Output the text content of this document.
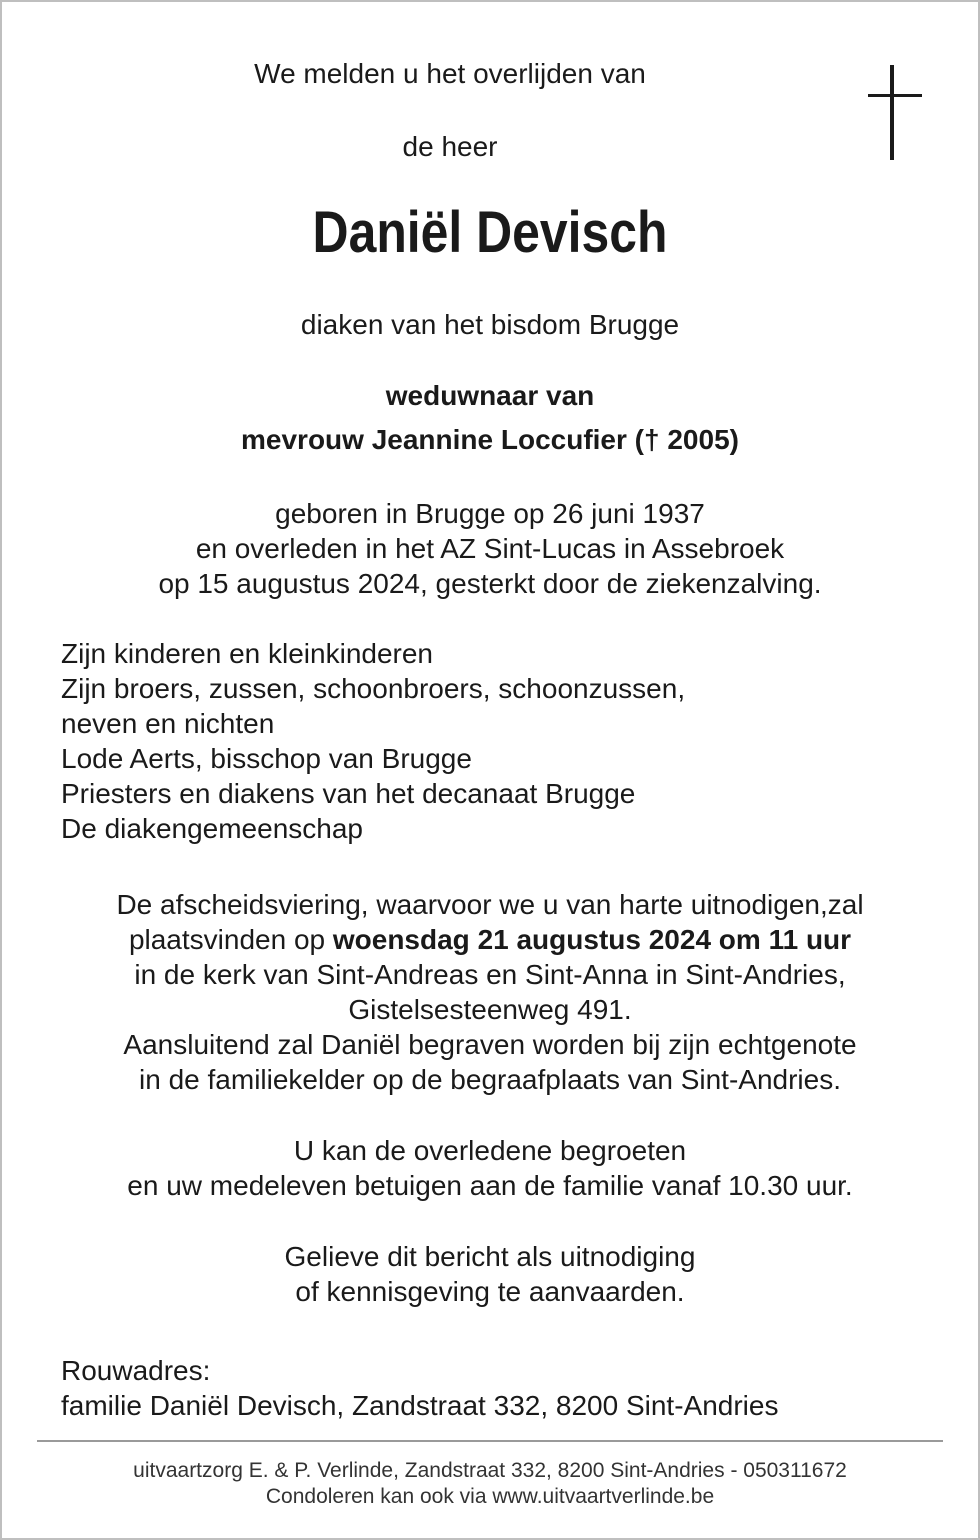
We melden u het overlijden van
de heer
Daniël Devisch
diaken van het bisdom Brugge
weduwnaar van
mevrouw Jeannine Loccufier († 2005)
geboren in Brugge op 26 juni 1937
en overleden in het AZ Sint-Lucas in Assebroek
op 15 augustus 2024, gesterkt door de ziekenzalving.
Zijn kinderen en kleinkinderen
Zijn broers, zussen, schoonbroers, schoonzussen,
neven en nichten
Lode Aerts, bisschop van Brugge
Priesters en diakens van het decanaat Brugge
De diakengemeenschap
De afscheidsviering, waarvoor we u van harte uitnodigen,zal
plaatsvinden op woensdag 21 augustus 2024 om 11 uur
in de kerk van Sint-Andreas en Sint-Anna in Sint-Andries,
Gistelsesteenweg 491.
Aansluitend zal Daniël begraven worden bij zijn echtgenote
in de familiekelder op de begraafplaats van Sint-Andries.
U kan de overledene begroeten
en uw medeleven betuigen aan de familie vanaf 10.30 uur.
Gelieve dit bericht als uitnodiging
of kennisgeving te aanvaarden.
Rouwadres:
familie Daniël Devisch, Zandstraat 332, 8200 Sint-Andries
uitvaartzorg E. & P. Verlinde, Zandstraat 332, 8200 Sint-Andries - 050311672
Condoleren kan ook via www.uitvaartverlinde.be
